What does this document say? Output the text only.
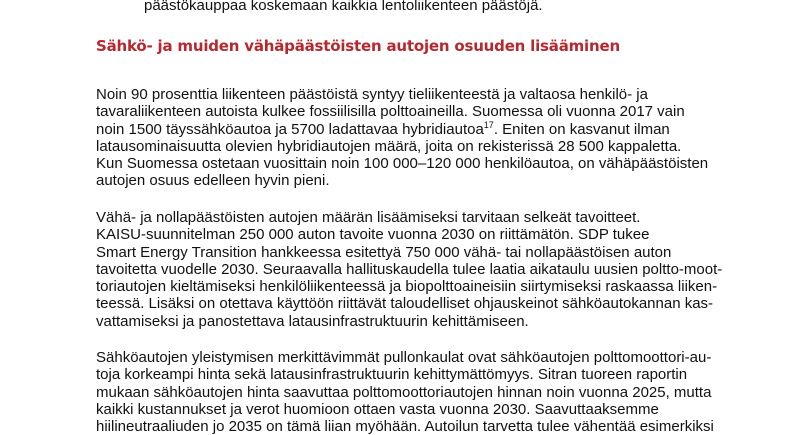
päästökauppaa koskemaan kaikkia lentoliikenteen päästöjä.
Sähkö- ja muiden vähäpäästöisten autojen osuuden lisääminen
Noin 90 prosenttia liikenteen päästöistä syntyy tieliikenteestä ja valtaosa henkilö- ja
tavaraliikenteen autoista kulkee fossiilisilla polttoaineilla. Suomessa oli vuonna 2017 vain
noin 1500 täyssähköautoa ja 5700 ladattavaa hybridiautoa$^{17}$. Eniten on kasvanut ilman
latausominaisuutta olevien hybridiautojen määrä, joita on rekisterissä 28 500 kappaletta.
Kun Suomessa ostetaan vuosittain noin 100 000–120 000 henkilöautoa, on vähäpäästöisten
autojen osuus edelleen hyvin pieni.
Vähä- ja nollapäästöisten autojen määrän lisäämiseksi tarvitaan selkeät tavoitteet.
KAISU-suunnitelman 250 000 auton tavoite vuonna 2030 on riittämätön. SDP tukee
Smart Energy Transition hankkeessa esitettyä 750 000 vähä- tai nollapäästöisen auton
tavoitetta vuodelle 2030. Seuraavalla hallituskaudella tulee laatia aikataulu uusien poltto-moot-
toriautojen kieltämiseksi henkilöliikenteessä ja biopolttoaineisiin siirtymiseksi raskaassa liiken-
teessä. Lisäksi on otettava käyttöön riittävät taloudelliset ohjauskeinot sähköautokannan kas-
vattamiseksi ja panostettava latausinfrastruktuurin kehittämiseen.
Sähköautojen yleistymisen merkittävimmät pullonkaulat ovat sähköautojen polttomoottori-au-
toja korkeampi hinta sekä latausinfrastruktuurin kehittymättömyys. Sitran tuoreen raportin
mukaan sähköautojen hinta saavuttaa polttomoottoriautojen hinnan noin vuonna 2025, mutta
kaikki kustannukset ja verot huomioon ottaen vasta vuonna 2030. Saavuttaaksemme
hiilineutraaliuden jo 2035 on tämä liian myöhään. Autoilun tarvetta tulee vähentää esimerkiksi
